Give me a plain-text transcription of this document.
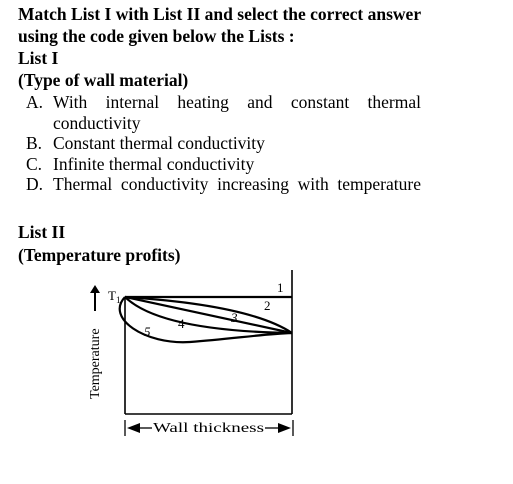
Match List I with List II and select the correct answer using the code given below the Lists :
List I
(Type of wall material)
A. With internal heating and constant thermal conductivity
B. Constant thermal conductivity
C. Infinite thermal conductivity
D. Thermal conductivity increasing with temperature
List II
(Temperature profits)
1
2
3
4
5
$T_1$
Temperature
Wall thickness
